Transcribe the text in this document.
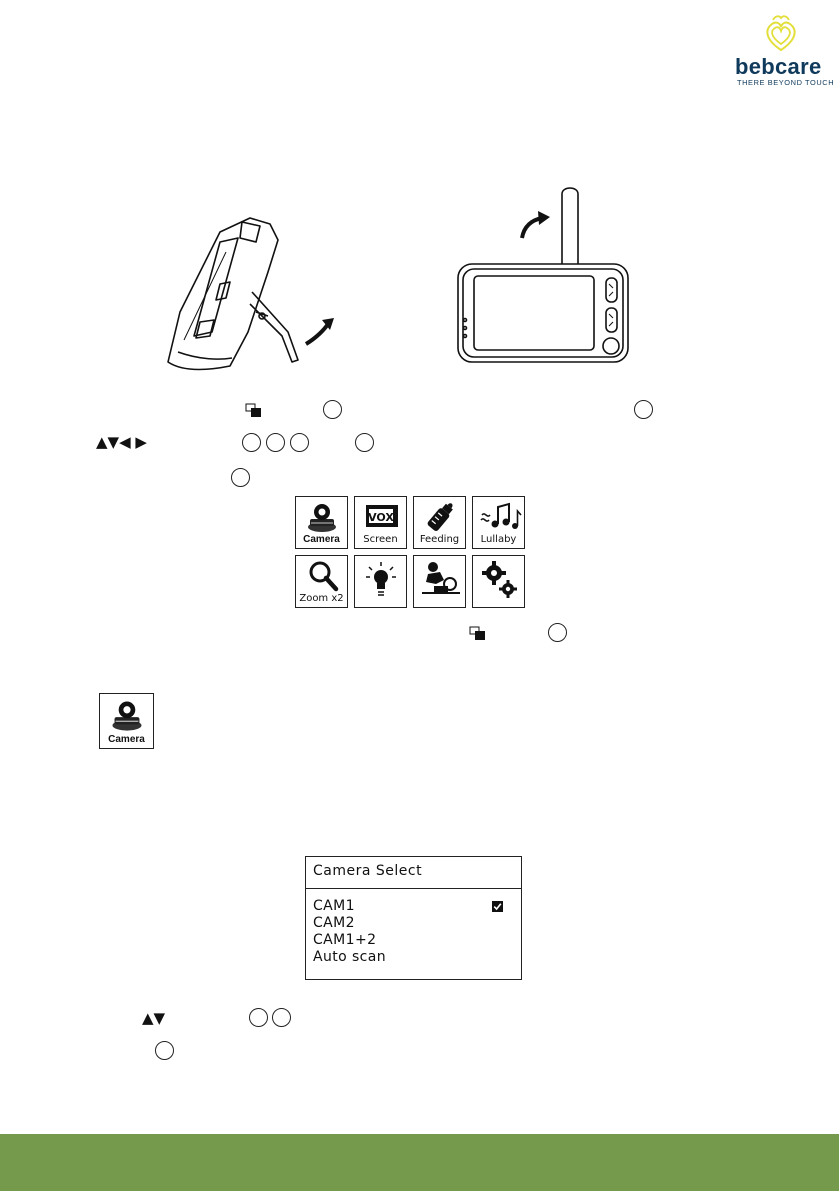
bebcare
THERE BEYOND TOUCH
▲▼◀ ▶
Camera
VOX
Screen	Feeding	Lullaby
Zoom x2
Camera
Camera Select
CAM1
CAM2
CAM1+2
Auto scan
▲▼
